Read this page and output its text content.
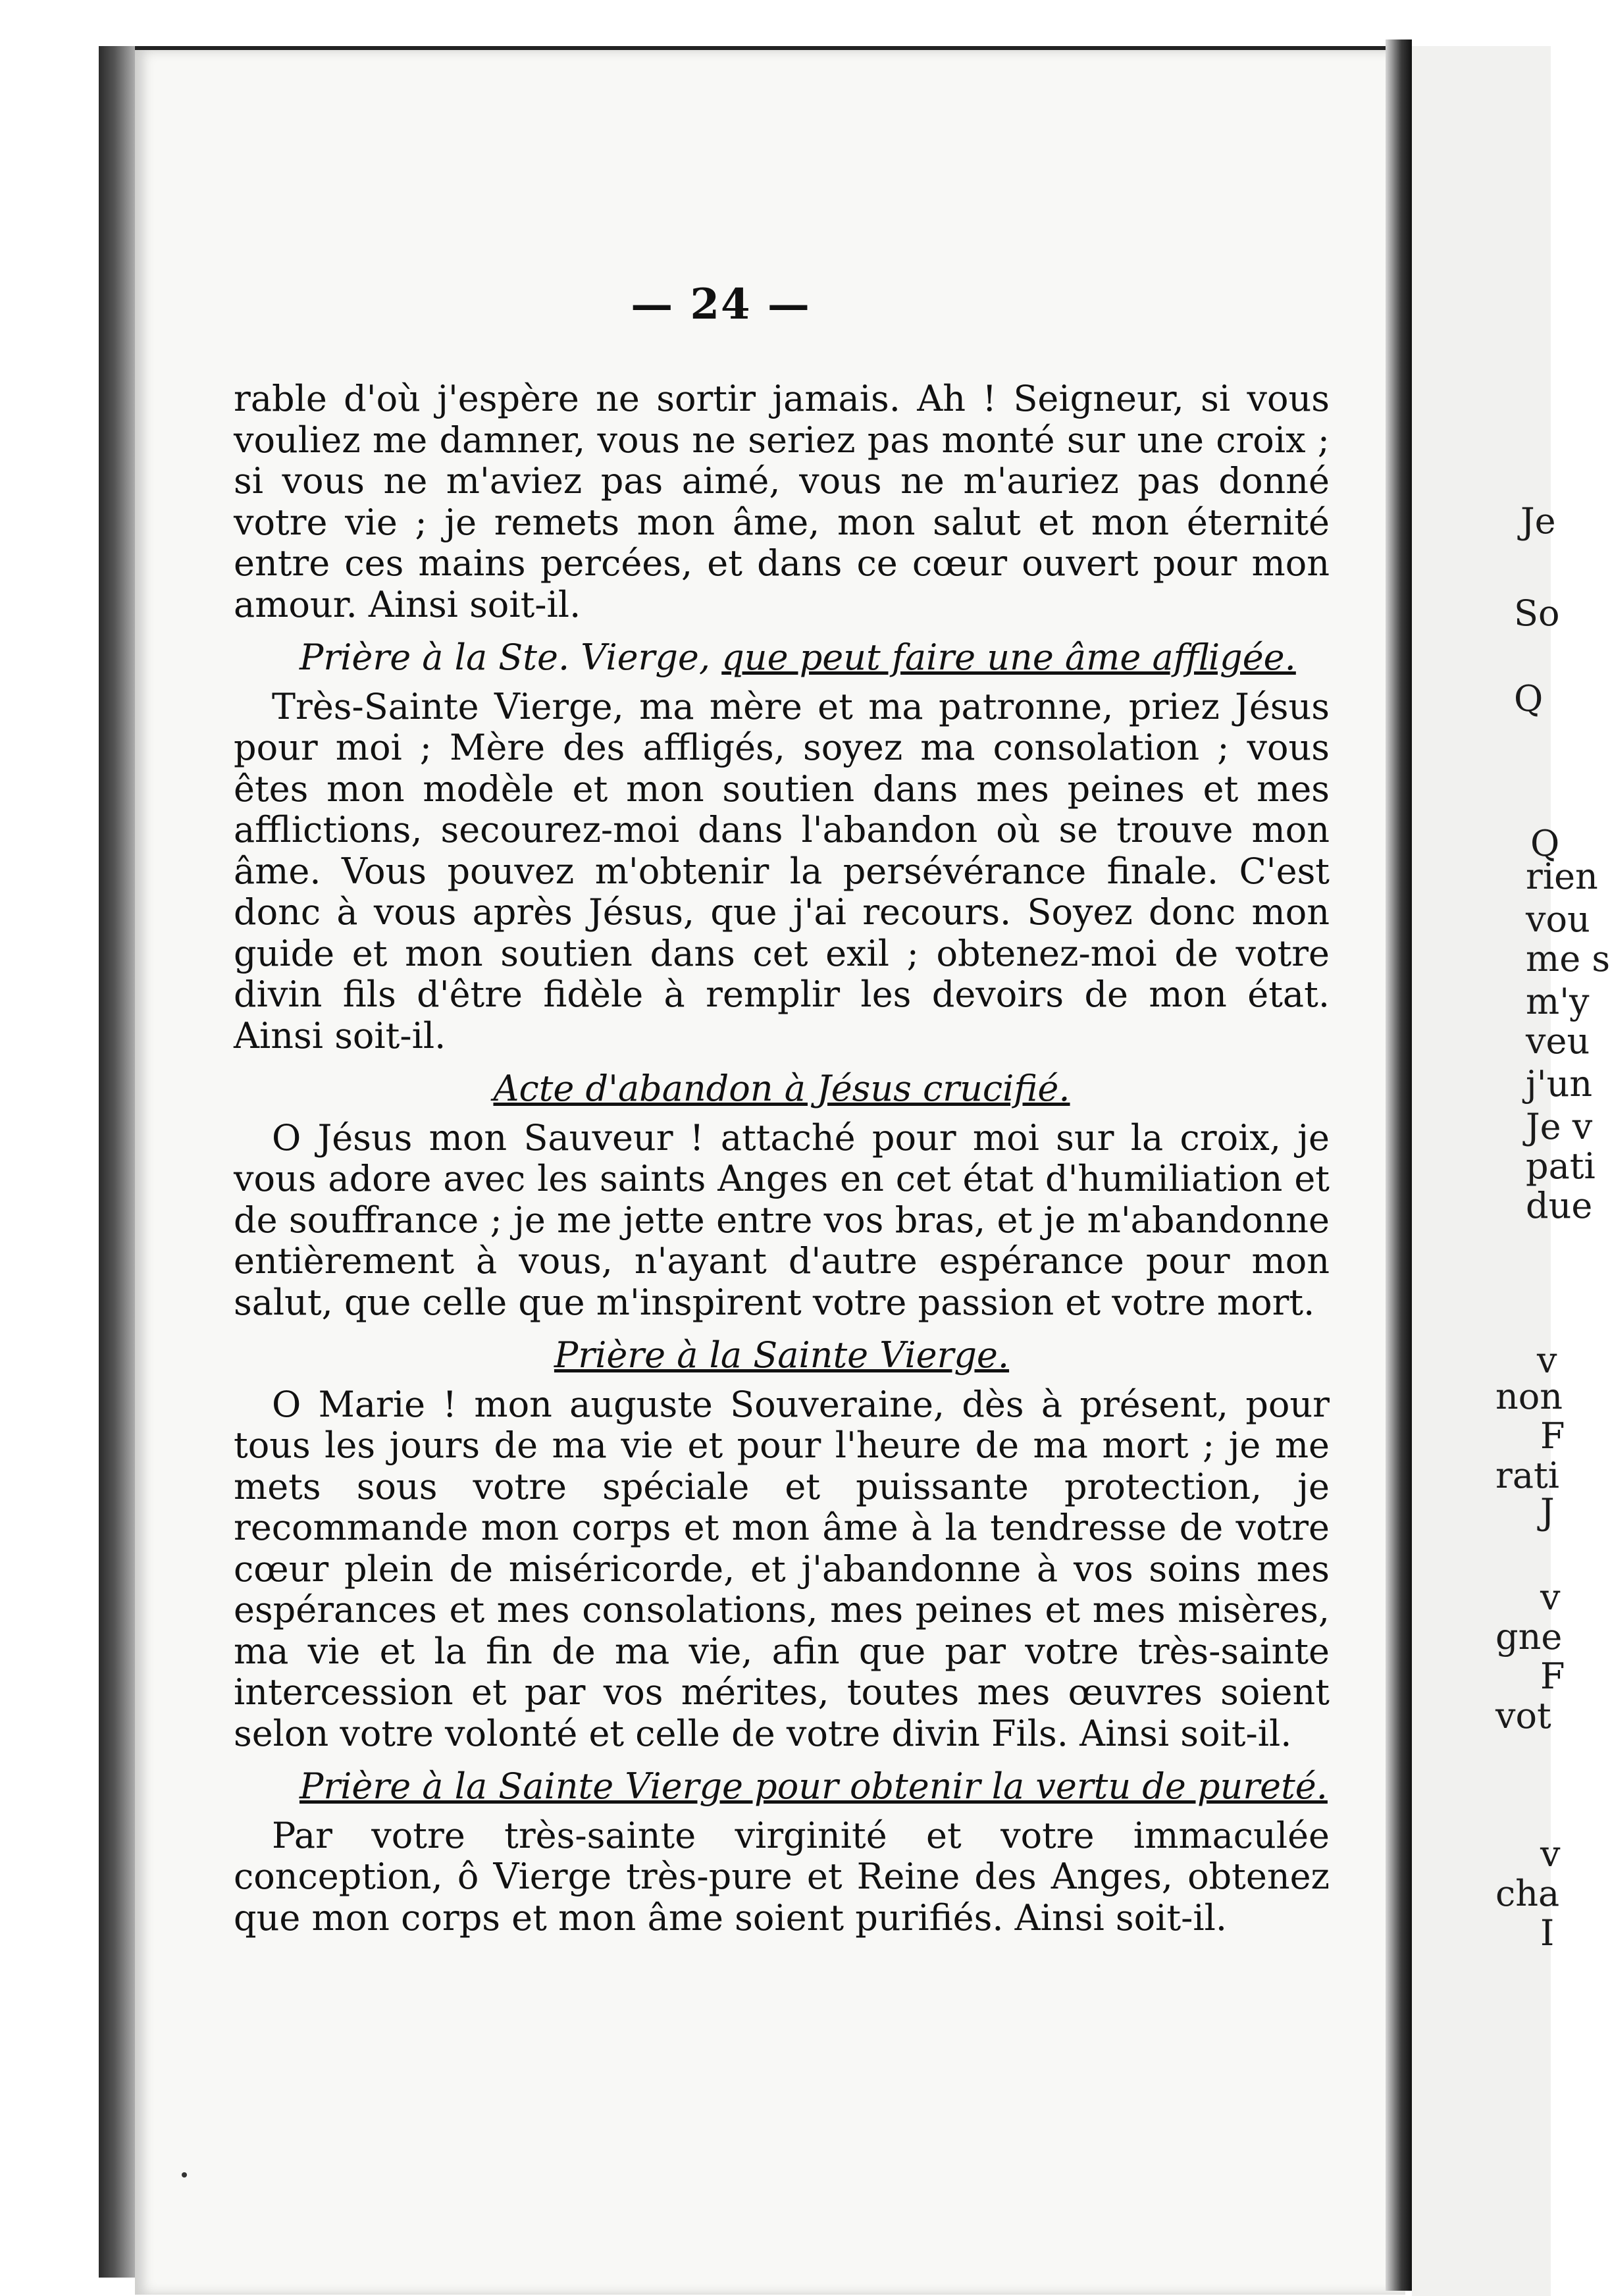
— 24 —

rable d'où j'espère ne sortir jamais. Ah ! Seigneur, si vous vouliez me damner, vous ne seriez pas monté sur une croix ; si vous ne m'aviez pas aimé, vous ne m'auriez pas donné votre vie ; je remets mon âme, mon salut et mon éternité entre ces mains percées, et dans ce cœur ouvert pour mon amour. Ainsi soit-il.

Prière à la Ste. Vierge, que peut faire une âme affligée.

Très-Sainte Vierge, ma mère et ma patronne, priez Jésus pour moi ; Mère des affligés, soyez ma consolation ; vous êtes mon modèle et mon soutien dans mes peines et mes afflictions, secourez-moi dans l'abandon où se trouve mon âme. Vous pouvez m'obtenir la persévérance finale. C'est donc à vous après Jésus, que j'ai recours. Soyez donc mon guide et mon soutien dans cet exil ; obtenez-moi de votre divin fils d'être fidèle à remplir les devoirs de mon état. Ainsi soit-il.

Acte d'abandon à Jésus crucifié.

O Jésus mon Sauveur ! attaché pour moi sur la croix, je vous adore avec les saints Anges en cet état d'humiliation et de souffrance ; je me jette entre vos bras, et je m'abandonne entièrement à vous, n'ayant d'autre espérance pour mon salut, que celle que m'inspirent votre passion et votre mort.

Prière à la Sainte Vierge.

O Marie ! mon auguste Souveraine, dès à présent, pour tous les jours de ma vie et pour l'heure de ma mort ; je me mets sous votre spéciale et puissante protection, je recommande mon corps et mon âme à la tendresse de votre cœur plein de miséricorde, et j'abandonne à vos soins mes espérances et mes consolations, mes peines et mes misères, ma vie et la fin de ma vie, afin que par votre très-sainte intercession et par vos mérites, toutes mes œuvres soient selon votre volonté et celle de votre divin Fils. Ainsi soit-il.

Prière à la Sainte Vierge pour obtenir la vertu de pureté.

Par votre très-sainte virginité et votre immaculée conception, ô Vierge très-pure et Reine des Anges, obtenez que mon corps et mon âme soient purifiés. Ainsi soit-il.

Je
So
Q
Q
rien
vou
me s
m'y
veu
j'un
Je v
pati
due
v
non
F
rati
J
v
gne
F
vot
v
cha
I
